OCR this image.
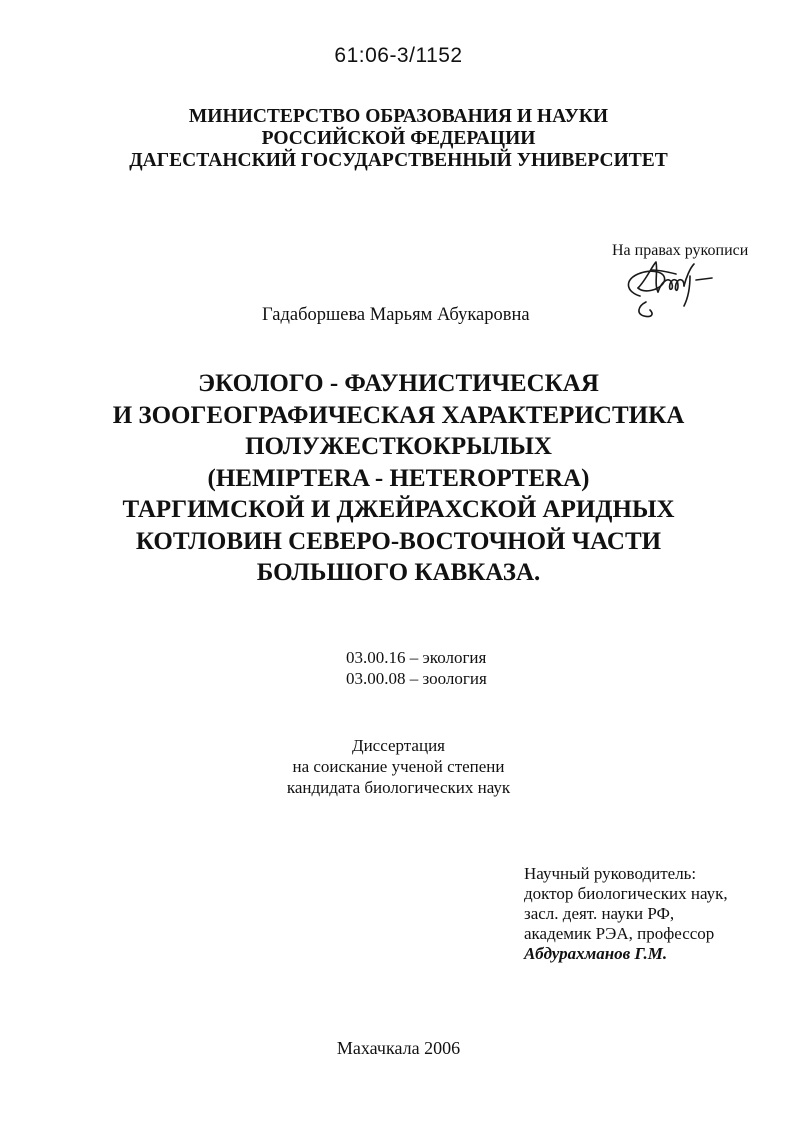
61:06-3/1152
МИНИСТЕРСТВО ОБРАЗОВАНИЯ И НАУКИ
РОССИЙСКОЙ ФЕДЕРАЦИИ
ДАГЕСТАНСКИЙ ГОСУДАРСТВЕННЫЙ УНИВЕРСИТЕТ
На правах рукописи
Гадаборшева Марьям Абукаровна
ЭКОЛОГО - ФАУНИСТИЧЕСКАЯ
И ЗООГЕОГРАФИЧЕСКАЯ ХАРАКТЕРИСТИКА
ПОЛУЖЕСТКОКРЫЛЫХ
(HEMIPTERA - HETEROPTERA)
ТАРГИМСКОЙ И ДЖЕЙРАХСКОЙ АРИДНЫХ
КОТЛОВИН СЕВЕРО-ВОСТОЧНОЙ ЧАСТИ
БОЛЬШОГО КАВКАЗА.
03.00.16 – экология
03.00.08 – зоология
Диссертация
на соискание ученой степени
кандидата биологических наук
Научный руководитель:
доктор биологических наук,
засл. деят. науки РФ,
академик РЭА, профессор
Абдурахманов Г.М.
Махачкала 2006
